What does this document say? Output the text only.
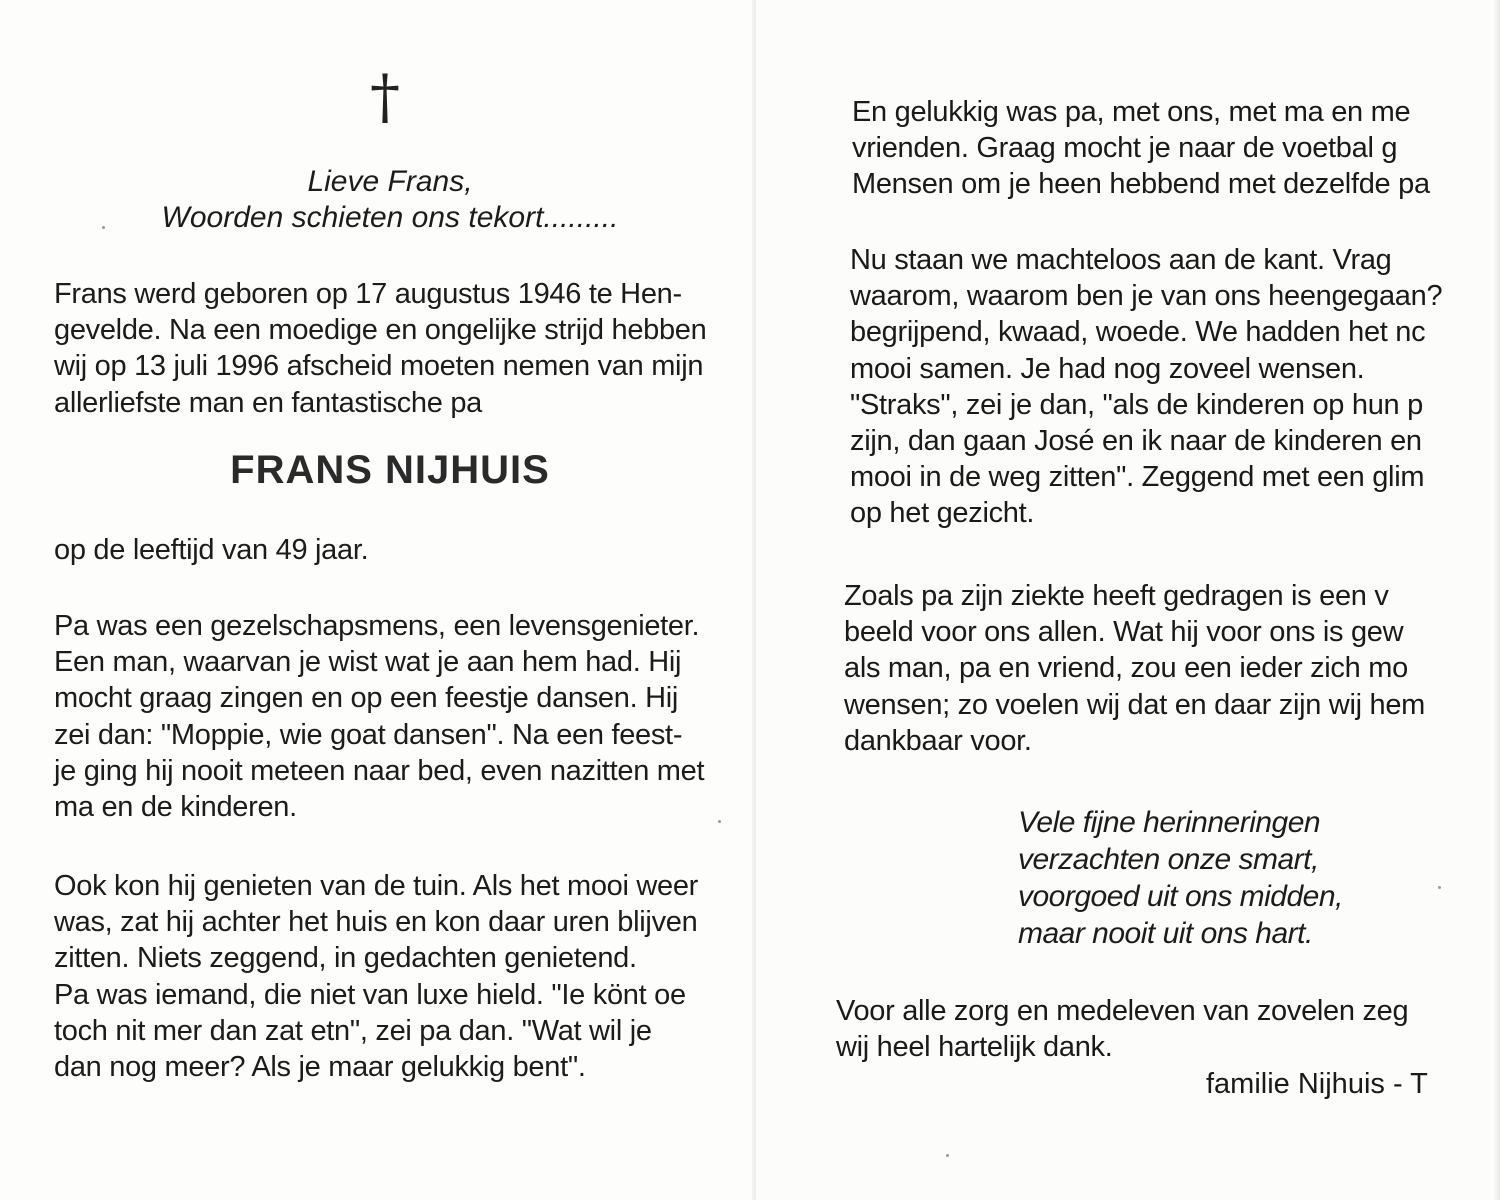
†
Lieve Frans,
Woorden schieten ons tekort.........
Frans werd geboren op 17 augustus 1946 te Hen-
gevelde. Na een moedige en ongelijke strijd hebben
wij op 13 juli 1996 afscheid moeten nemen van mijn
allerliefste man en fantastische pa
FRANS NIJHUIS
op de leeftijd van 49 jaar.
Pa was een gezelschapsmens, een levensgenieter.
Een man, waarvan je wist wat je aan hem had. Hij
mocht graag zingen en op een feestje dansen. Hij
zei dan: "Moppie, wie goat dansen". Na een feest-
je ging hij nooit meteen naar bed, even nazitten met
ma en de kinderen.
Ook kon hij genieten van de tuin. Als het mooi weer
was, zat hij achter het huis en kon daar uren blijven
zitten. Niets zeggend, in gedachten genietend.
Pa was iemand, die niet van luxe hield. "Ie könt oe
toch nit mer dan zat etn", zei pa dan. "Wat wil je
dan nog meer? Als je maar gelukkig bent".
En gelukkig was pa, met ons, met ma en me
vrienden. Graag mocht je naar de voetbal g
Mensen om je heen hebbend met dezelfde pa
Nu staan we machteloos aan de kant. Vrag
waarom, waarom ben je van ons heengegaan?
begrijpend, kwaad, woede. We hadden het nc
mooi samen. Je had nog zoveel wensen.
"Straks", zei je dan, "als de kinderen op hun p
zijn, dan gaan José en ik naar de kinderen en
mooi in de weg zitten". Zeggend met een glim
op het gezicht.
Zoals pa zijn ziekte heeft gedragen is een v
beeld voor ons allen. Wat hij voor ons is gew
als man, pa en vriend, zou een ieder zich mo
wensen; zo voelen wij dat en daar zijn wij hem
dankbaar voor.
Vele fijne herinneringen
verzachten onze smart,
voorgoed uit ons midden,
maar nooit uit ons hart.
Voor alle zorg en medeleven van zovelen zeg
wij heel hartelijk dank.
familie Nijhuis - T
